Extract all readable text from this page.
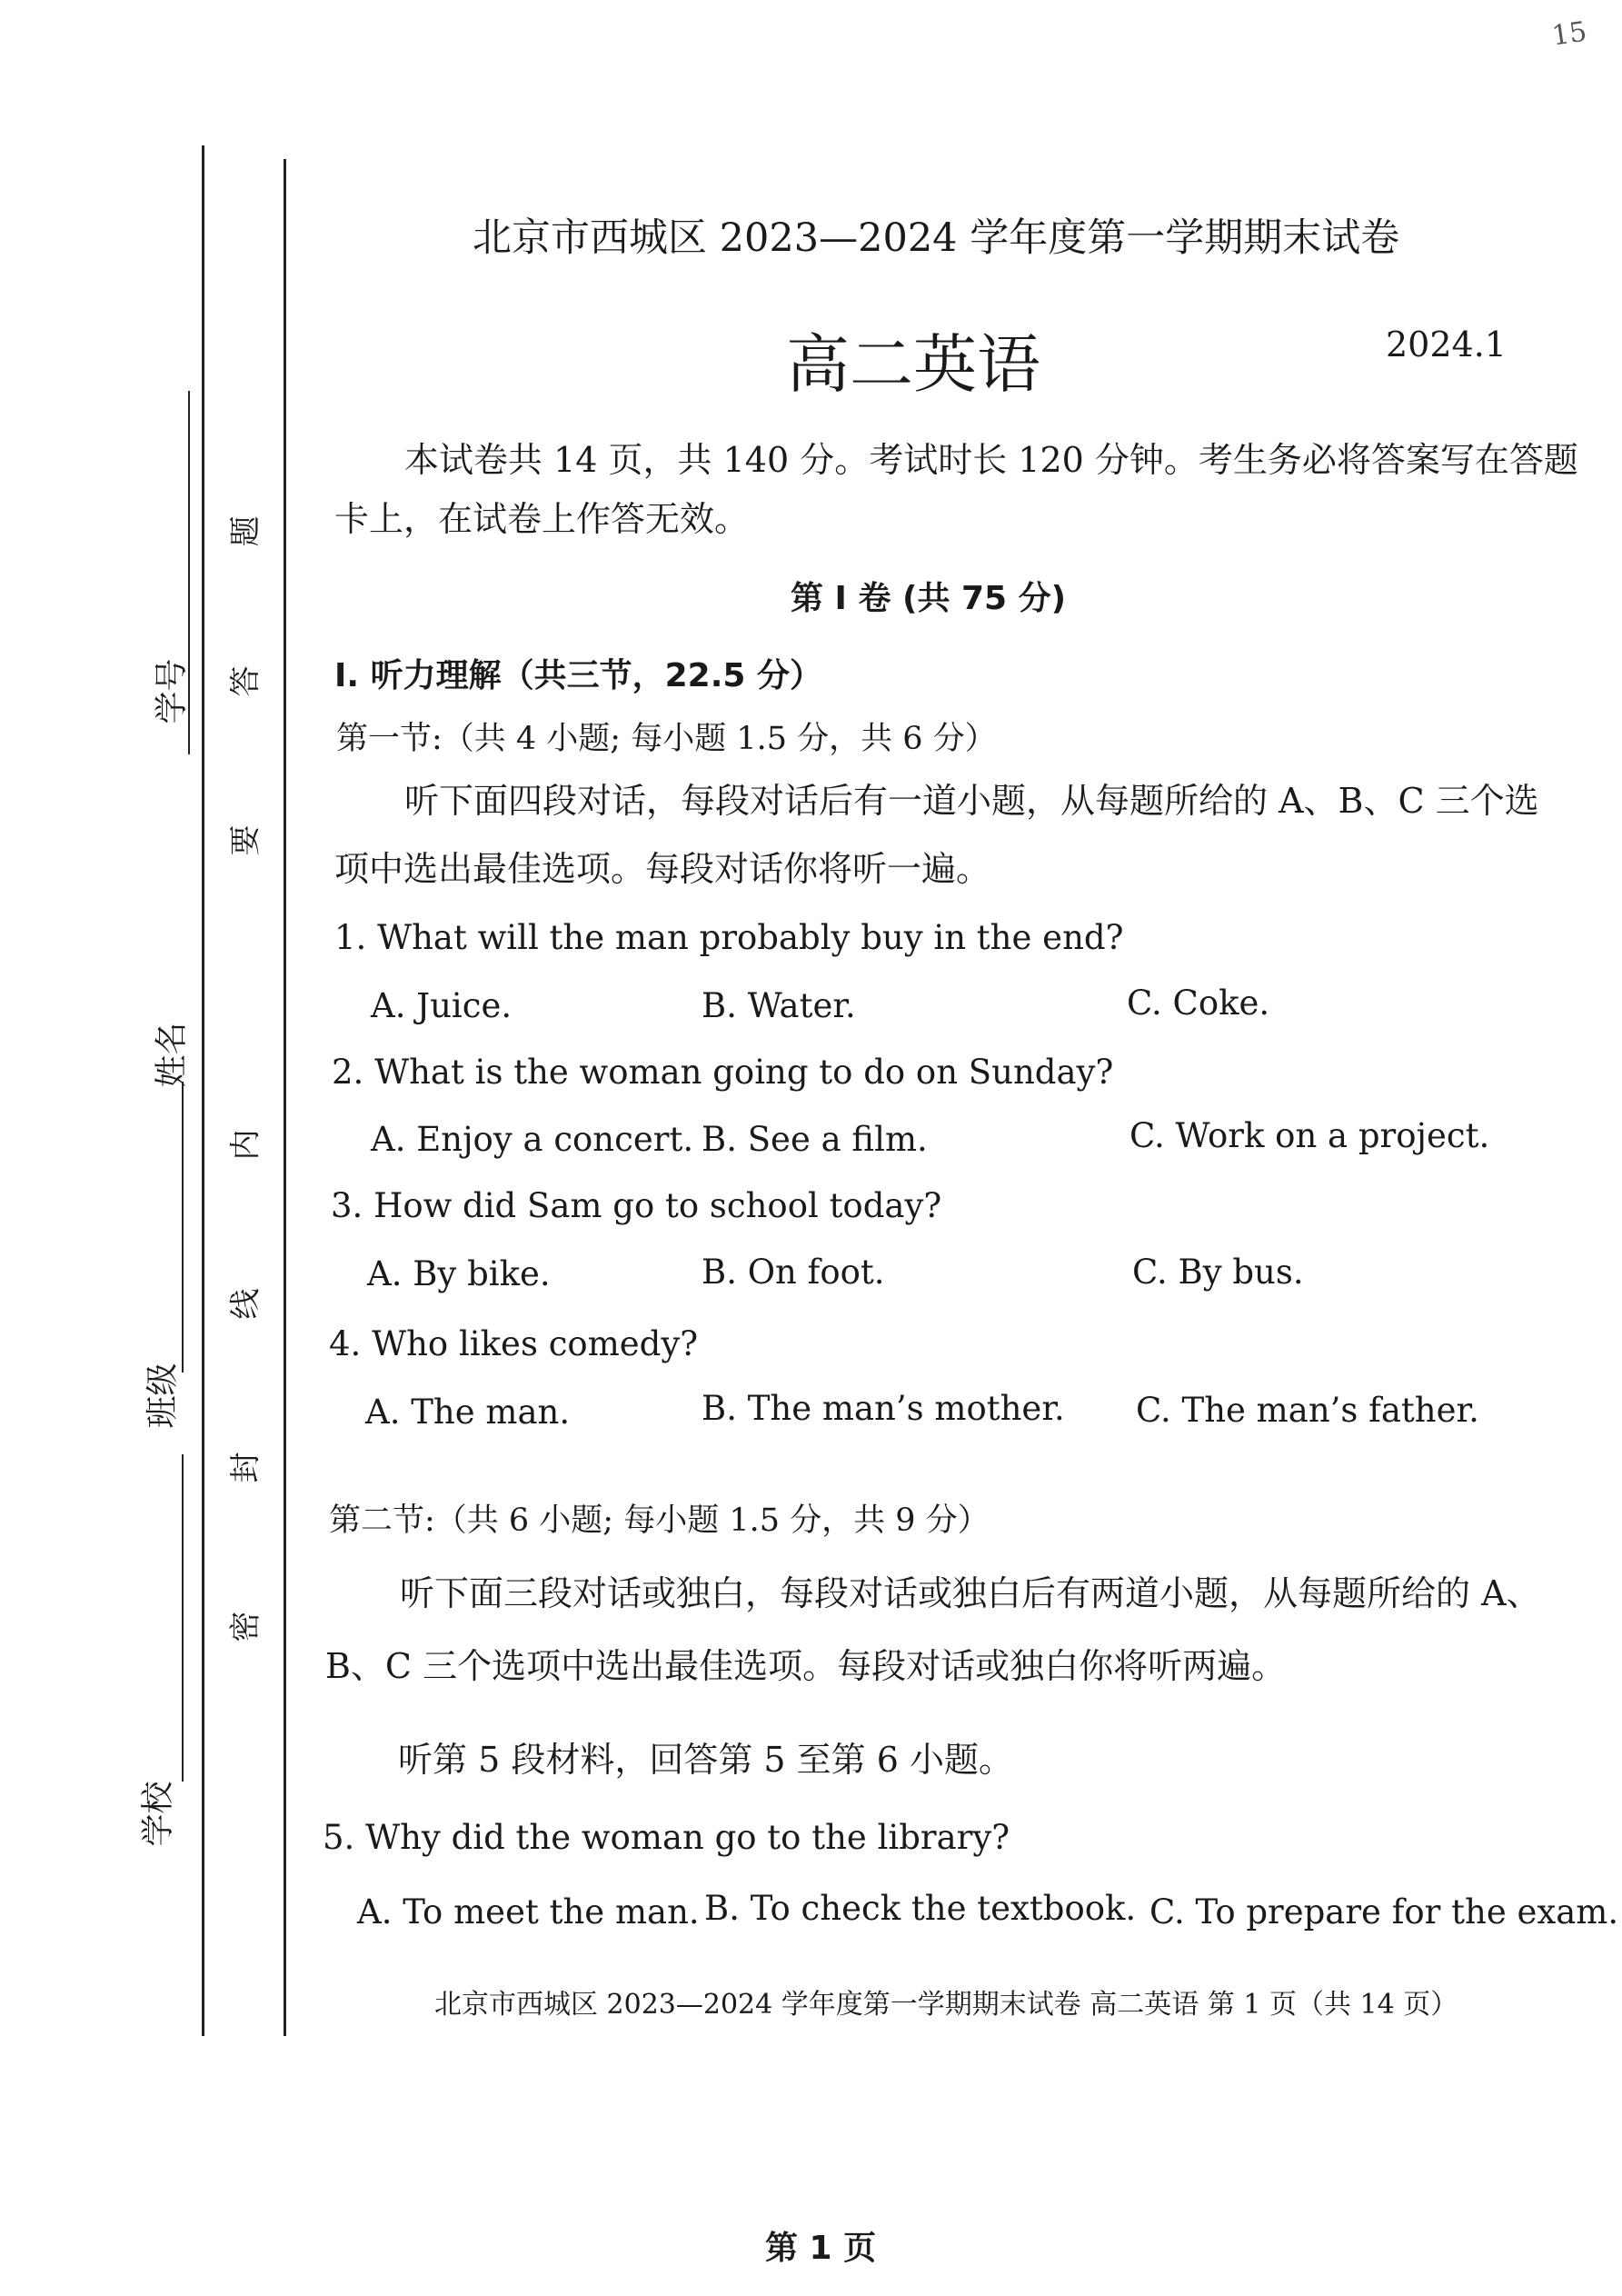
15
学号
姓名
班级
学校
题
答
要
内
线
封
密
北京市西城区 2023—2024 学年度第一学期期末试卷
高二英语	2024.1
本试卷共 14 页，共 140 分。考试时长 120 分钟。考生务必将答案写在答题
卡上，在试卷上作答无效。
第 I 卷 (共 75 分)
I. 听力理解（共三节，22.5 分）
第一节:（共 4 小题; 每小题 1.5 分，共 6 分）
听下面四段对话，每段对话后有一道小题，从每题所给的 A、B、C 三个选
项中选出最佳选项。每段对话你将听一遍。
1. What will the man probably buy in the end?
A. Juice.	B. Water.	C. Coke.
2. What is the woman going to do on Sunday?
A. Enjoy a concert. B. See a film.	C. Work on a project.
3. How did Sam go to school today?
A. By bike.	B. On foot.	C. By bus.
4. Who likes comedy?
A. The man.	B. The man’s mother. C. The man’s father.
第二节:（共 6 小题; 每小题 1.5 分，共 9 分）
听下面三段对话或独白，每段对话或独白后有两道小题，从每题所给的 A、
B、C 三个选项中选出最佳选项。每段对话或独白你将听两遍。
听第 5 段材料，回答第 5 至第 6 小题。
5. Why did the woman go to the library?
A. To meet the man. B. To check the textbook. C. To prepare for the exam.
北京市西城区 2023—2024 学年度第一学期期末试卷 高二英语 第 1 页（共 14 页）
第 1 页
